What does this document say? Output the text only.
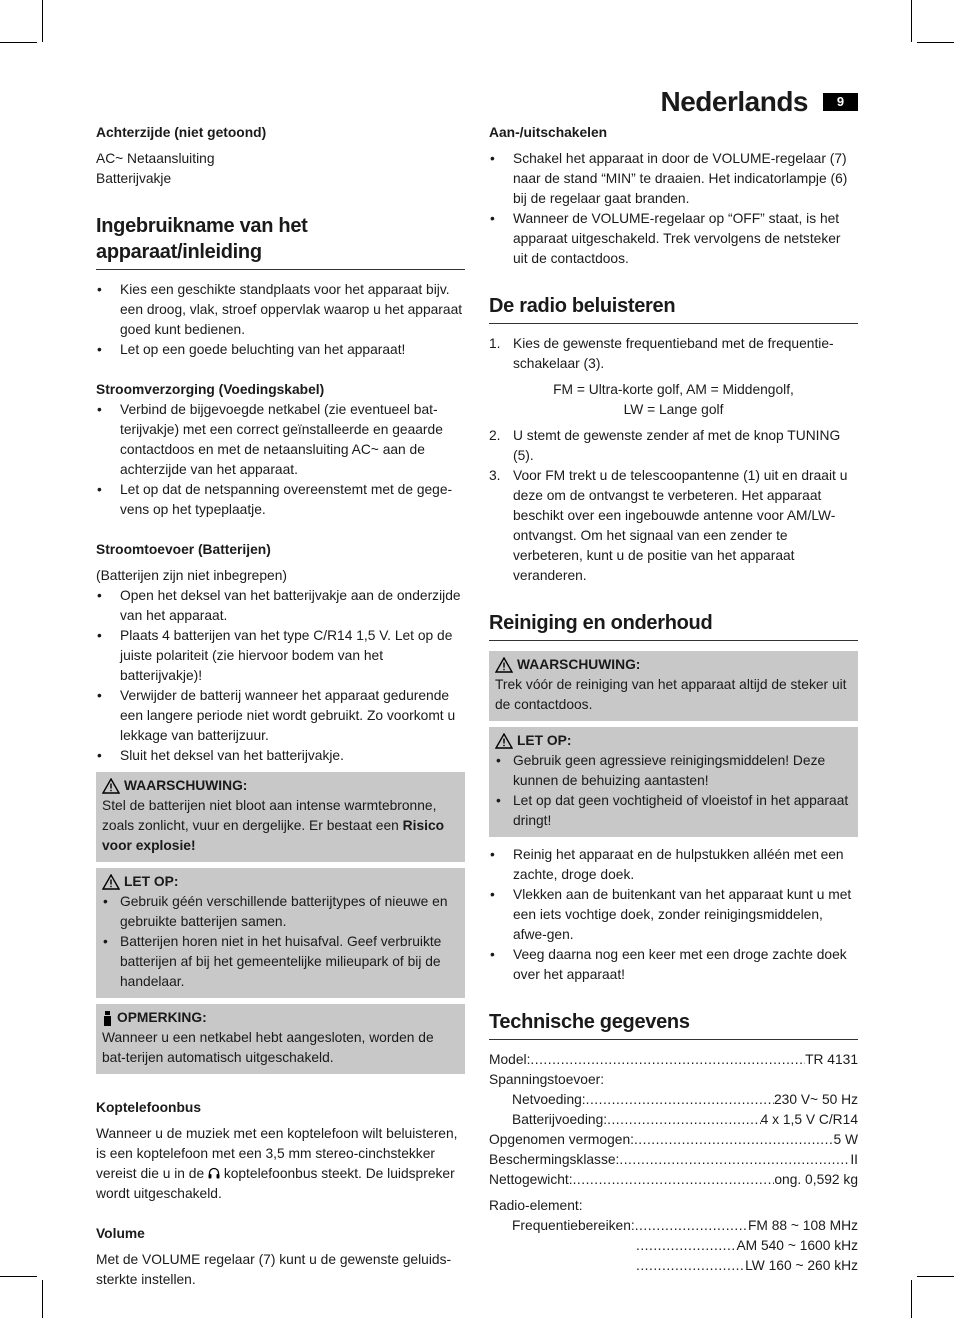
Nederlands	9
Achterzijde (niet getoond)

AC~ Netaansluiting

Batterijvakje

Ingebruikname van het apparaat/inleiding
• Kies een geschikte standplaats voor het apparaat bijv. een droog, vlak, stroef oppervlak waarop u het apparaat goed kunt bedienen.
• Let op een goede beluchting van het apparaat!
Stroomverzorging (Voedingskabel)
• Verbind de bijgevoegde netkabel (zie eventueel bat-terijvakje) met een correct geïnstalleerde en geaarde contactdoos en met de netaansluiting AC~ aan de achterzijde van het apparaat.
• Let op dat de netspanning overeenstemt met de gege-vens op het typeplaatje.
Stroomtoevoer (Batterijen)

(Batterijen zijn niet inbegrepen)

• Open het deksel van het batterijvakje aan de onderzijde van het apparaat.
• Plaats 4 batterijen van het type C/R14 1,5 V. Let op de juiste polariteit (zie hiervoor bodem van het batterijvakje)!
• Verwijder de batterij wanneer het apparaat gedurende een langere periode niet wordt gebruikt. Zo voorkomt u lekkage van batterijzuur.
• Sluit het deksel van het batterijvakje.
WAARSCHUWING:

Stel de batterijen niet bloot aan intense warmtebronne, zoals zonlicht, vuur en dergelijke. Er bestaat een Risico voor explosie!

LET OP:
• Gebruik géén verschillende batterijtypes of nieuwe en gebruikte batterijen samen.
• Batterijen horen niet in het huisafval. Geef verbruikte batterijen af bij het gemeentelijke milieupark of bij de handelaar.
OPMERKING:

Wanneer u een netkabel hebt aangesloten, worden de bat-terijen automatisch uitgeschakeld.

Koptelefoonbus

Wanneer u de muziek met een koptelefoon wilt beluisteren, is een koptelefoon met een 3,5 mm stereo-cinchstekker vereist die u in de  koptelefoonbus steekt. De luidspreker wordt uitgeschakeld.

Volume

Met de VOLUME regelaar (7) kunt u de gewenste geluids-sterkte instellen.

Aan-/uitschakelen
• Schakel het apparaat in door de VOLUME-regelaar (7) naar de stand “MIN” te draaien. Het indicatorlampje (6) bij de regelaar gaat branden.
• Wanneer de VOLUME-regelaar op “OFF” staat, is het apparaat uitgeschakeld. Trek vervolgens de netsteker uit de contactdoos.
De radio beluisteren
1. Kies de gewenste frequentieband met de frequentie-schakelaar (3).

FM = Ultra-korte golf, AM = Middengolf,

LW = Lange golf

2. U stemt de gewenste zender af met de knop TUNING (5).
3. Voor FM trekt u de telescoopantenne (1) uit en draait u deze om de ontvangst te verbeteren. Het apparaat beschikt over een ingebouwde antenne voor AM/LW-ontvangst. Om het signaal van een zender te verbeteren, kunt u de positie van het apparaat veranderen.
Reiniging en onderhoud
WAARSCHUWING:

Trek vóór de reiniging van het apparaat altijd de steker uit de contactdoos.

LET OP:
• Gebruik geen agressieve reinigingsmiddelen! Deze kunnen de behuizing aantasten!
• Let op dat geen vochtigheid of vloeistof in het apparaat dringt!
• Reinig het apparaat en de hulpstukken alléén met een zachte, droge doek.
• Vlekken aan de buitenkant van het apparaat kunt u met een iets vochtige doek, zonder reinigingsmiddelen, afwe-gen.
• Veeg daarna nog een keer met een droge zachte doek over het apparaat!
Technische gegevens
Model: .....	TR 4131
Spanningstoevoer:
Netvoeding: .....	230 V~ 50 Hz
Batterijvoeding: .....	4 x 1,5 V C/R14
Opgenomen vermogen: .....	5 W
Beschermingsklasse: .....	II
Nettogewicht: .....	ong. 0,592 kg
Radio-element:
Frequentiebereiken: .....	FM 88 ~ 108 MHz
.....
AM 540 ~ 1600 kHz
.....
LW 160 ~ 260 kHz
